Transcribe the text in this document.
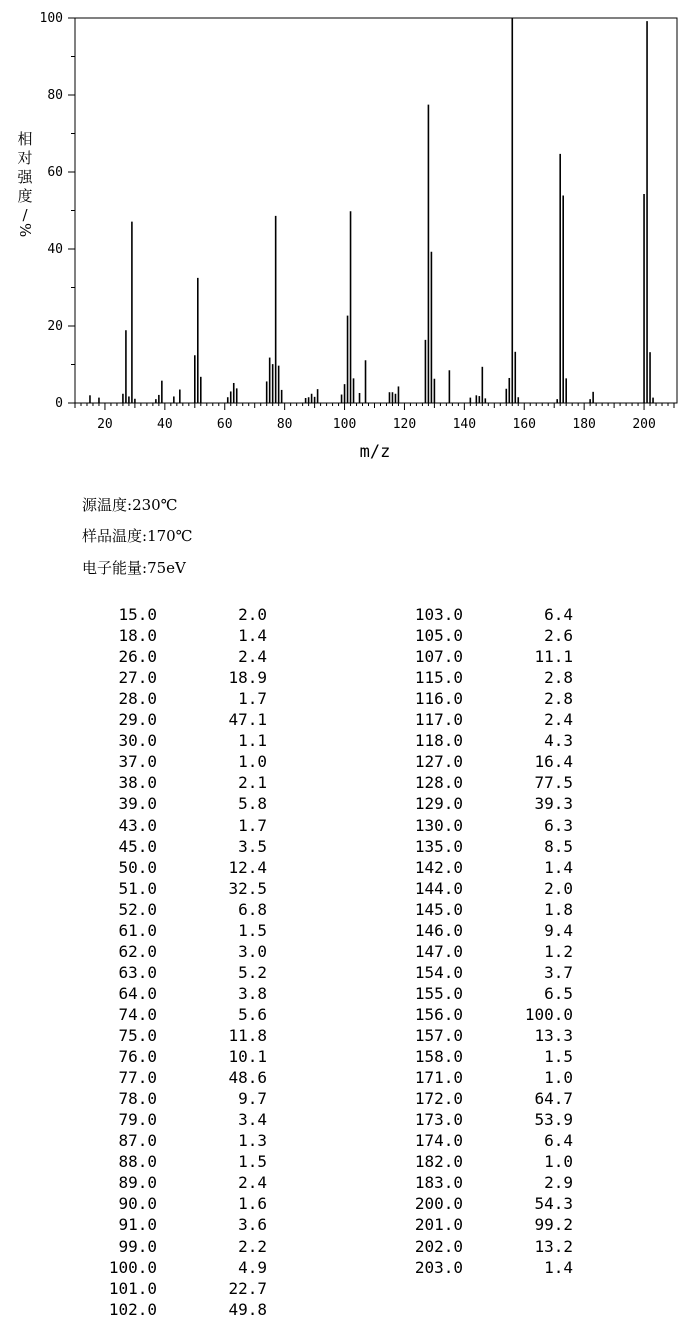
0
20
40
60
80
100
20	40	60	80	100	120	140	160	180	200
m/z
相
对
强
度
/
%
源温度:230℃
样品温度:170℃
电子能量:75eV
15.0	2.0
18.0	1.4
26.0	2.4
27.0	18.9
28.0	1.7
29.0	47.1
30.0	1.1
37.0	1.0
38.0	2.1
39.0	5.8
43.0	1.7
45.0	3.5
50.0	12.4
51.0	32.5
52.0	6.8
61.0	1.5
62.0	3.0
63.0	5.2
64.0	3.8
74.0	5.6
75.0	11.8
76.0	10.1
77.0	48.6
78.0	9.7
79.0	3.4
87.0	1.3
88.0	1.5
89.0	2.4
90.0	1.6
91.0	3.6
99.0	2.2
100.0	4.9
101.0	22.7
102.0	49.8
103.0	6.4
105.0	2.6
107.0	11.1
115.0	2.8
116.0	2.8
117.0	2.4
118.0	4.3
127.0	16.4
128.0	77.5
129.0	39.3
130.0	6.3
135.0	8.5
142.0	1.4
144.0	2.0
145.0	1.8
146.0	9.4
147.0	1.2
154.0	3.7
155.0	6.5
156.0	100.0
157.0	13.3
158.0	1.5
171.0	1.0
172.0	64.7
173.0	53.9
174.0	6.4
182.0	1.0
183.0	2.9
200.0	54.3
201.0	99.2
202.0	13.2
203.0	1.4
